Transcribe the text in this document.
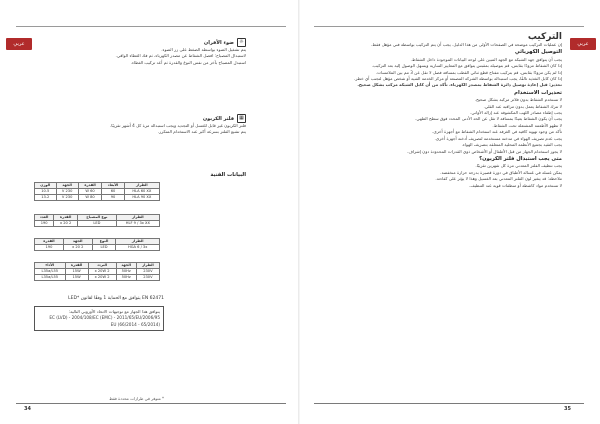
عربي	☼
ضوء الأفران

يتم تشغيل الضوء بواسطة الضغط على زر الضوء.

لاستبدال المصباح: افصل الشفاط عن مصدر الكهرباء، ثم فك الغطاء الواقي.

استبدل المصباح بآخر من نفس النوع والقدرة ثم أعد تركيب الغطاء.

▦
فلتر الكربون

فلتر الكربون غير قابل للغسل أو التجديد ويجب استبداله مرة كل 4 أشهر تقريبًا.

يتم تشبع الفلتر بسرعة أكبر عند الاستخدام المتكرر.

البيانات الفنية
الطراز	الأبعاد	القدرة	الجهد	الوزن
HLA 60 XX	60	60 W	230 V	10.5
HLA 90 XX	90	80 W	230 V	13.2
الطراز	نوع المصباح	القدرة	العدد
HLF 9 / 3x XX	LED	2 x 20	190
الطراز	النوع	الجهد	القدرة
HGA 6 / 3x	LED	2 x 20	190
الطراز	الجهد	التردد	القدرة	الأداء
230V	50Hz	2 x 20W	15W	L35a/L55
230V	50Hz	2 x 20W	15W	L35a/L55
EN 62471 يتوافق مع الحماية 1 وفقًا لقانون *LED
يتوافق هذا الجهاز مع توجيهات الاتحاد الأوروبي التالية:
2006/95/EC (LVD) - 2004/108/EC (EMC) - 2011/65/EU
EU (66/2014 - 65/2014)
* متوفر في طرازات محددة فقط
34
عربي
التركيب

إن عمليات التركيب موضحة في الصفحات الأولى من هذا الدليل. يجب أن يتم التركيب بواسطة فني مؤهل فقط.

التوصيل الكهربائي

يجب أن يتوافق جهد الشبكة مع الجهد المبين على لوحة البيانات الموجودة داخل الشفاط.

إذا كان الشفاط مزودًا بقابس، قم بتوصيله بمقبس يتوافق مع المعايير السارية ويسهل الوصول إليه بعد التركيب.

إذا لم يكن مزودًا بقابس، قم بتركيب مفتاح قطع ثنائي القطب بمسافة فصل لا تقل عن 3 مم بين الملامسات.

إذا كان كابل التغذية تالفًا، يجب استبداله بواسطة الشركة المصنعة أو مركز الخدمة الفنية أو شخص مؤهل لتجنب أي خطر.

تحذير: قبل إعادة توصيل دائرة الشفاط بمصدر الكهرباء، تأكد من أن كابل الشبكة مركب بشكل صحيح.

تحذيرات الاستخدام

لا تستخدم الشفاط بدون فلاتر مركبة بشكل صحيح.

لا تترك الشفاط يعمل بدون مراقبة عند القلي.

يجب إطفاء مصادر اللهب المكشوفة عند إزالة الأواني.

يجب أن يكون الشفاط بعيدًا بمسافة لا تقل عن الحد الأدنى المحدد فوق سطح الطهي.

لا تطهو الأطعمة المشتعلة تحت الشفاط.

تأكد من وجود تهوية كافية في الغرفة عند استخدام الشفاط مع أجهزة أخرى.

يجب عدم تصريف الهواء في مدخنة مستخدمة لتصريف أدخنة أجهزة أخرى.

يجب التقيد بجميع الأنظمة المحلية المتعلقة بتصريف الهواء.

لا يجوز استخدام الجهاز من قبل الأطفال أو الأشخاص ذوي القدرات المحدودة دون إشراف.

متى يجب استبدال فلتر الكربون؟

يجب تنظيف الفلتر المعدني مرة كل شهرين تقريبًا.

يمكن غسله في غسالة الأطباق في دورة قصيرة بدرجة حرارة منخفضة.

ملاحظة: قد يتغير لون الفلتر المعدني بعد الغسيل وهذا لا يؤثر على كفاءته.

لا تستخدم مواد كاشطة أو منظفات قوية عند التنظيف.

35
